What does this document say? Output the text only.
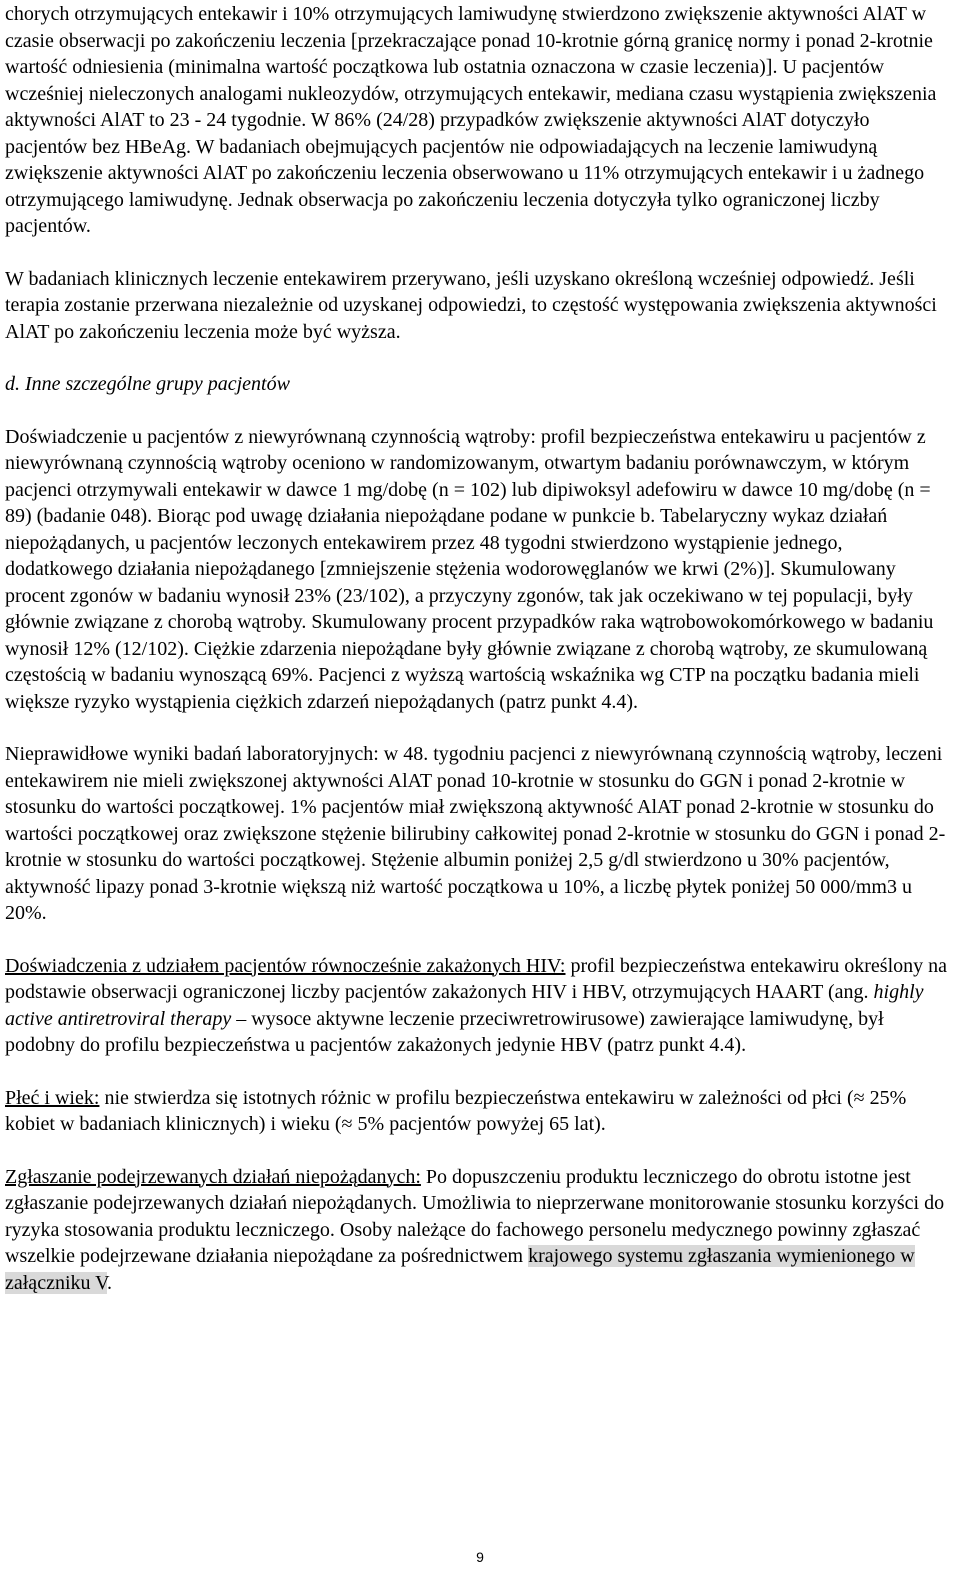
chorych otrzymujących entekawir i 10% otrzymujących lamiwudynę stwierdzono zwiększenie aktywności AlAT w czasie obserwacji po zakończeniu leczenia [przekraczające ponad 10-krotnie górną granicę normy i ponad 2-krotnie wartość odniesienia (minimalna wartość początkowa lub ostatnia oznaczona w czasie leczenia)]. U pacjentów wcześniej nieleczonych analogami nukleozydów, otrzymujących entekawir, mediana czasu wystąpienia zwiększenia aktywności AlAT to 23 - 24 tygodnie. W 86% (24/28) przypadków zwiększenie aktywności AlAT dotyczyło pacjentów bez HBeAg. W badaniach obejmujących pacjentów nie odpowiadających na leczenie lamiwudyną zwiększenie aktywności AlAT po zakończeniu leczenia obserwowano u 11% otrzymujących entekawir i u żadnego otrzymującego lamiwudynę. Jednak obserwacja po zakończeniu leczenia dotyczyła tylko ograniczonej liczby pacjentów.

W badaniach klinicznych leczenie entekawirem przerywano, jeśli uzyskano określoną wcześniej odpowiedź. Jeśli terapia zostanie przerwana niezależnie od uzyskanej odpowiedzi, to częstość występowania zwiększenia aktywności AlAT po zakończeniu leczenia może być wyższa.

d. Inne szczególne grupy pacjentów

Doświadczenie u pacjentów z niewyrównaną czynnością wątroby: profil bezpieczeństwa entekawiru u pacjentów z niewyrównaną czynnością wątroby oceniono w randomizowanym, otwartym badaniu porównawczym, w którym pacjenci otrzymywali entekawir w dawce 1 mg/dobę (n = 102) lub dipiwoksyl adefowiru w dawce 10 mg/dobę (n = 89) (badanie 048). Biorąc pod uwagę działania niepożądane podane w punkcie b. Tabelaryczny wykaz działań niepożądanych, u pacjentów leczonych entekawirem przez 48 tygodni stwierdzono wystąpienie jednego, dodatkowego działania niepożądanego [zmniejszenie stężenia wodorowęglanów we krwi (2%)]. Skumulowany procent zgonów w badaniu wynosił 23% (23/102), a przyczyny zgonów, tak jak oczekiwano w tej populacji, były głównie związane z chorobą wątroby. Skumulowany procent przypadków raka wątrobowokomórkowego w badaniu wynosił 12% (12/102). Ciężkie zdarzenia niepożądane były głównie związane z chorobą wątroby, ze skumulowaną częstością w badaniu wynoszącą 69%. Pacjenci z wyższą wartością wskaźnika wg CTP na początku badania mieli większe ryzyko wystąpienia ciężkich zdarzeń niepożądanych (patrz punkt 4.4).

Nieprawidłowe wyniki badań laboratoryjnych: w 48. tygodniu pacjenci z niewyrównaną czynnością wątroby, leczeni entekawirem nie mieli zwiększonej aktywności AlAT ponad 10-krotnie w stosunku do GGN i ponad 2-krotnie w stosunku do wartości początkowej. 1% pacjentów miał zwiększoną aktywność AlAT ponad 2-krotnie w stosunku do wartości początkowej oraz zwiększone stężenie bilirubiny całkowitej ponad 2-krotnie w stosunku do GGN i ponad 2-krotnie w stosunku do wartości początkowej. Stężenie albumin poniżej 2,5 g/dl stwierdzono u 30% pacjentów, aktywność lipazy ponad 3-krotnie większą niż wartość początkowa u 10%, a liczbę płytek poniżej 50 000/mm3 u 20%.

Doświadczenia z udziałem pacjentów równocześnie zakażonych HIV: profil bezpieczeństwa entekawiru określony na podstawie obserwacji ograniczonej liczby pacjentów zakażonych HIV i HBV, otrzymujących HAART (ang. highly active antiretroviral therapy – wysoce aktywne leczenie przeciwretrowirusowe) zawierające lamiwudynę, był podobny do profilu bezpieczeństwa u pacjentów zakażonych jedynie HBV (patrz punkt 4.4).

Płeć i wiek: nie stwierdza się istotnych różnic w profilu bezpieczeństwa entekawiru w zależności od płci (≈ 25% kobiet w badaniach klinicznych) i wieku (≈ 5% pacjentów powyżej 65 lat).

Zgłaszanie podejrzewanych działań niepożądanych: Po dopuszczeniu produktu leczniczego do obrotu istotne jest zgłaszanie podejrzewanych działań niepożądanych. Umożliwia to nieprzerwane monitorowanie stosunku korzyści do ryzyka stosowania produktu leczniczego. Osoby należące do fachowego personelu medycznego powinny zgłaszać wszelkie podejrzewane działania niepożądane za pośrednictwem krajowego systemu zgłaszania wymienionego w załączniku V.

9
